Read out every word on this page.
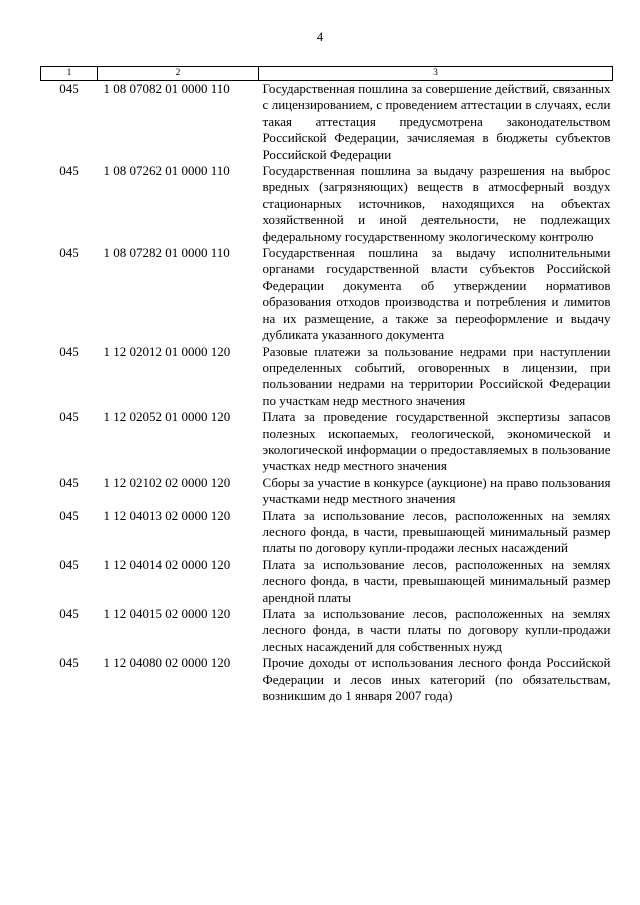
4
1	2	3
045	1 08 07082 01 0000 110	Государственная пошлина за совершение действий, связанных с лицензированием, с проведением аттестации в случаях, если такая аттестация предусмотрена законодательством Российской Федерации, зачисляемая в бюджеты субъектов Российской Федерации
045	1 08 07262 01 0000 110	Государственная пошлина за выдачу разрешения на выброс вредных (загрязняющих) веществ в атмосферный воздух стационарных источников, находящихся на объектах хозяйственной и иной деятельности, не подлежащих федеральному государственному экологическому контролю
045	1 08 07282 01 0000 110	Государственная пошлина за выдачу исполнительными органами государственной власти субъектов Российской Федерации документа об утверждении нормативов образования отходов производства и потребления и лимитов на их размещение, а также за переоформление и выдачу дубликата указанного документа
045	1 12 02012 01 0000 120	Разовые платежи за пользование недрами при наступлении определенных событий, оговоренных в лицензии, при пользовании недрами на территории Российской Федерации по участкам недр местного значения
045	1 12 02052 01 0000 120	Плата за проведение государственной экспертизы запасов полезных ископаемых, геологической, экономической и экологической информации о предоставляемых в пользование участках недр местного значения
045	1 12 02102 02 0000 120	Сборы за участие в конкурсе (аукционе) на право пользования участками недр местного значения
045	1 12 04013 02 0000 120	Плата за использование лесов, расположенных на землях лесного фонда, в части, превышающей минимальный размер платы по договору купли-продажи лесных насаждений
045	1 12 04014 02 0000 120	Плата за использование лесов, расположенных на землях лесного фонда, в части, превышающей минимальный размер арендной платы
045	1 12 04015 02 0000 120	Плата за использование лесов, расположенных на землях лесного фонда, в части платы по договору купли-продажи лесных насаждений для собственных нужд
045	1 12 04080 02 0000 120	Прочие доходы от использования лесного фонда Российской Федерации и лесов иных категорий (по обязательствам, возникшим до 1 января 2007 года)
